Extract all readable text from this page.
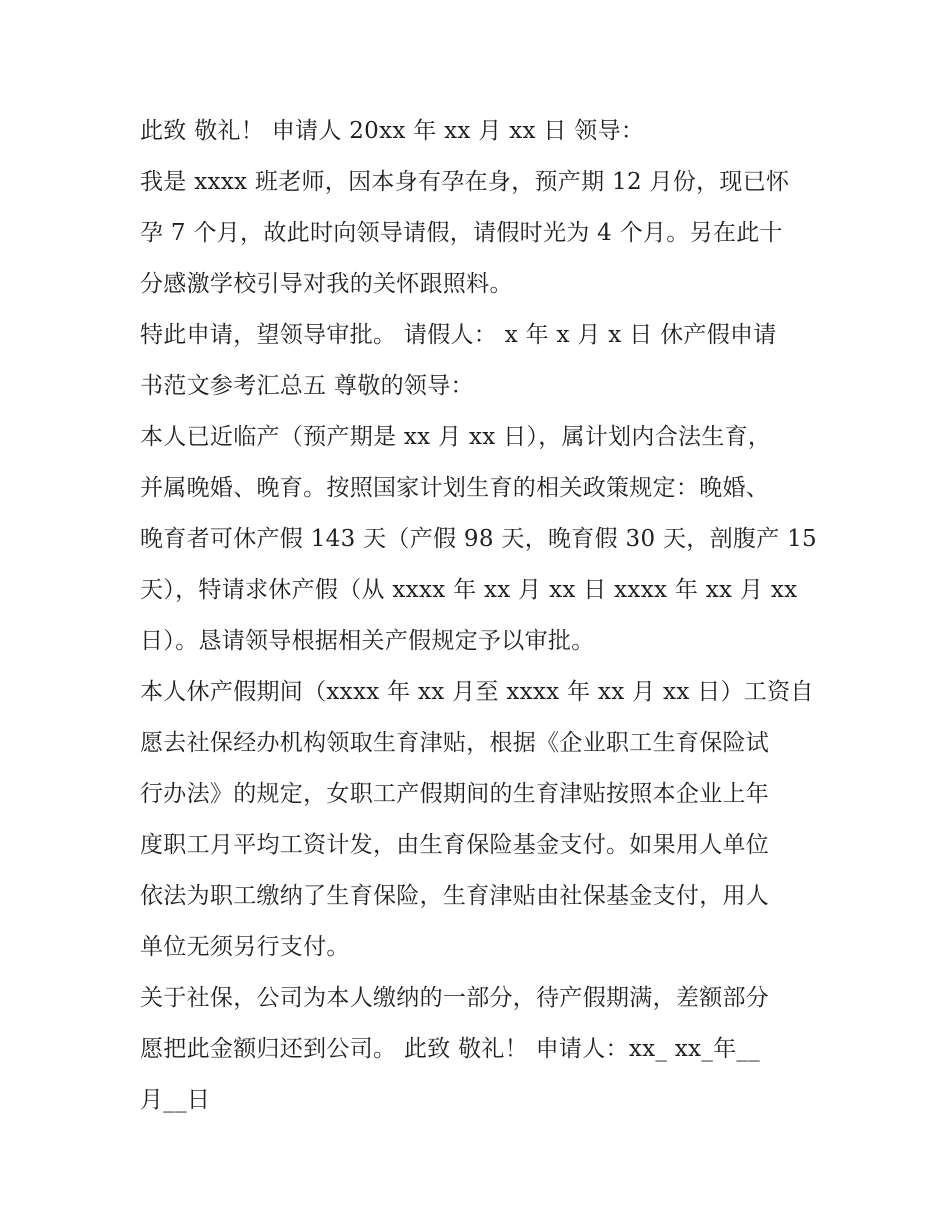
此致 敬礼！ 申请人 20xx 年 xx 月 xx 日 领导：

我是 xxxx 班老师，因本身有孕在身，预产期 12 月份，现已怀

孕 7 个月，故此时向领导请假，请假时光为 4 个月。另在此十

分感激学校引导对我的关怀跟照料。

特此申请，望领导审批。 请假人： x 年 x 月 x 日 休产假申请

书范文参考汇总五 尊敬的领导：

本人已近临产（预产期是 xx 月 xx 日），属计划内合法生育，

并属晚婚、晚育。按照国家计划生育的相关政策规定：晚婚、

晚育者可休产假 143 天（产假 98 天，晚育假 30 天，剖腹产 15

天），特请求休产假（从 xxxx 年 xx 月 xx 日 xxxx 年 xx 月 xx

日）。恳请领导根据相关产假规定予以审批。

本人休产假期间（xxxx 年 xx 月至 xxxx 年 xx 月 xx 日）工资自

愿去社保经办机构领取生育津贴，根据《企业职工生育保险试

行办法》的规定，女职工产假期间的生育津贴按照本企业上年

度职工月平均工资计发，由生育保险基金支付。如果用人单位

依法为职工缴纳了生育保险，生育津贴由社保基金支付，用人

单位无须另行支付。

关于社保，公司为本人缴纳的一部分，待产假期满，差额部分

愿把此金额归还到公司。 此致 敬礼！ 申请人：xx_ xx_年__

月__日
